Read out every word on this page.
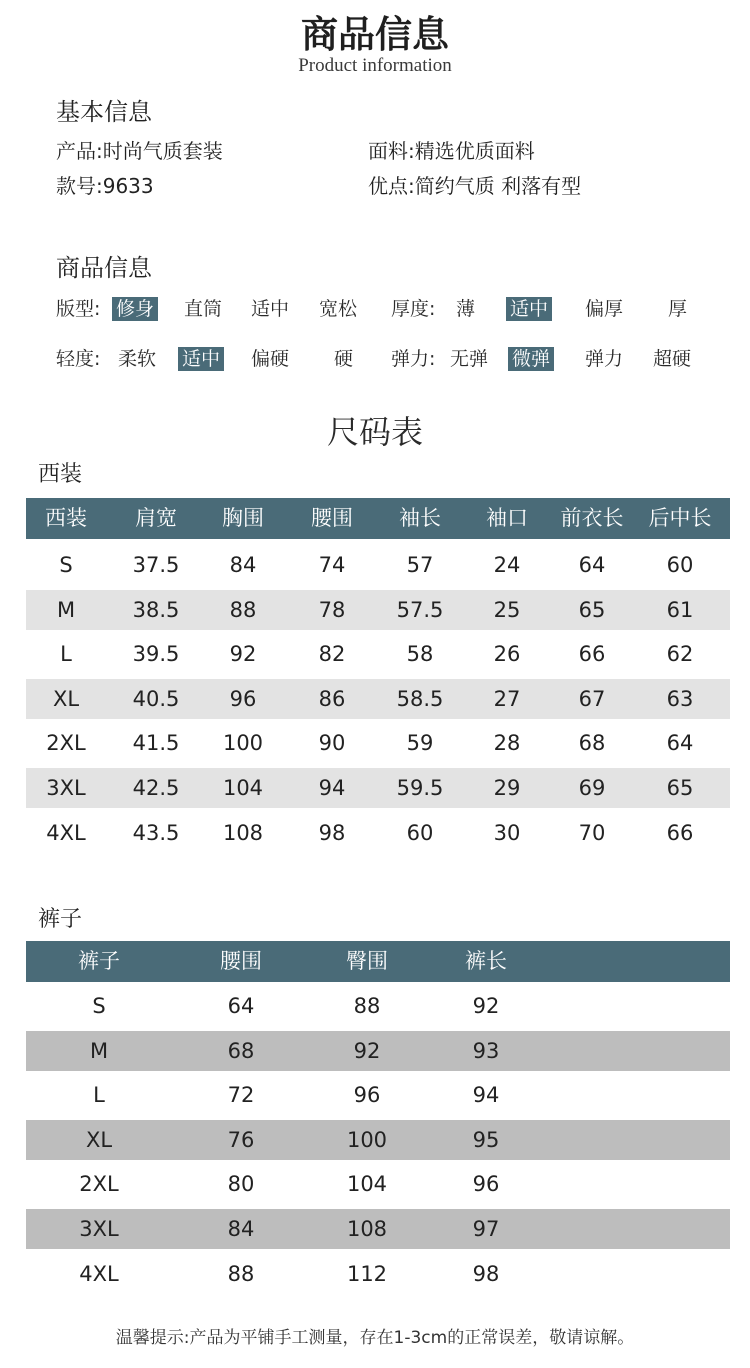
商品信息
Product information
基本信息
产品:时尚气质套装	面料:精选优质面料
款号:9633	优点:简约气质 利落有型
商品信息
版型: 修身 直筒 适中 宽松 厚度: 薄 适中 偏厚 厚
轻度: 柔软 适中 偏硬 硬 弹力: 无弹 微弹 弹力 超硬
尺码表
西装
西装 肩宽 胸围 腰围 袖长 袖口 前衣长 后中长
S	37.5 84	74	57	24	64	60
M	38.5 88	78 57.5 25	65	61
L	39.5 92	82	58	26	66	62
XL	40.5 96	86 58.5 27	67	63
2XL 41.5 100	90	59	28	68	64
3XL 42.5 104	94 59.5 29	69	65
4XL 43.5 108	98	60	30	70	66
裤子
裤子	腰围	臀围	裤长
S	64	88	92
M	68	92	93
L	72	96	94
XL	76	100	95
2XL	80	104	96
3XL	84	108	97
4XL	88	112	98
温馨提示:产品为平铺手工测量，存在1-3cm的正常误差，敬请谅解。
